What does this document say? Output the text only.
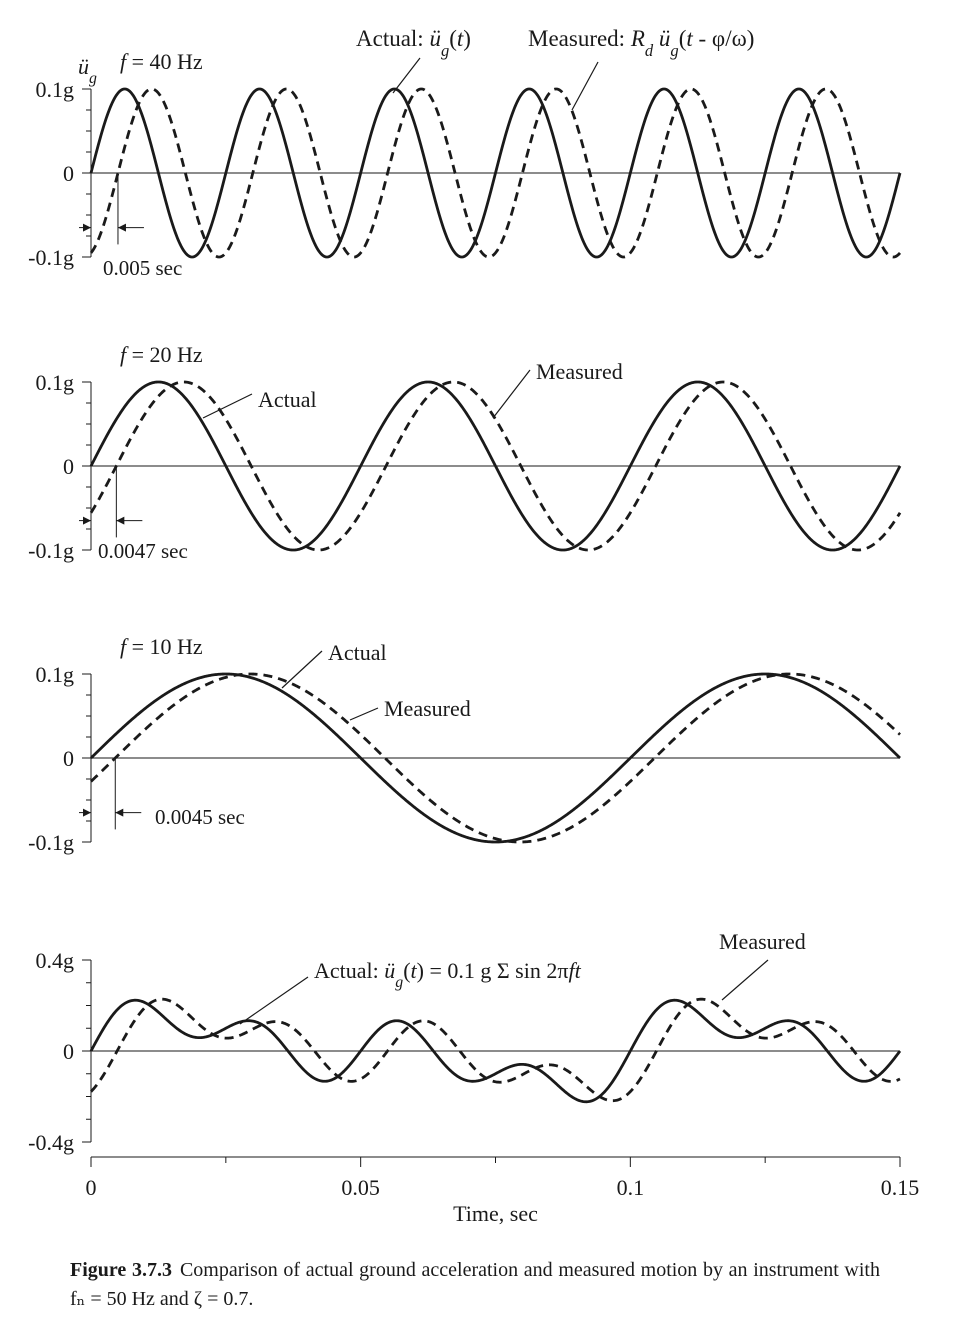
0.1g
0
-0.1g
f = 40 Hz
0.005 sec
$ü_g$
Actual: $ü_g(t)$ Measured: $R_d$ $ü_g(t - \varphi/\omega)$
0.1g
0
-0.1g
f = 20 Hz
0.0047 sec
Actual
Measured
0.1g
0
-0.1g
f = 10 Hz
0.0045 sec
Actual
Measured
0.4g
0
-0.4g
0	0.05	0.1	0.15
Time, sec
Actual: $ü_g(t) = 0.1$ g Σ sin 2πft
Measured
Figure 3.7.3 Comparison of actual ground acceleration and measured motion by an instrument with fₙ = 50 Hz and ζ = 0.7.
